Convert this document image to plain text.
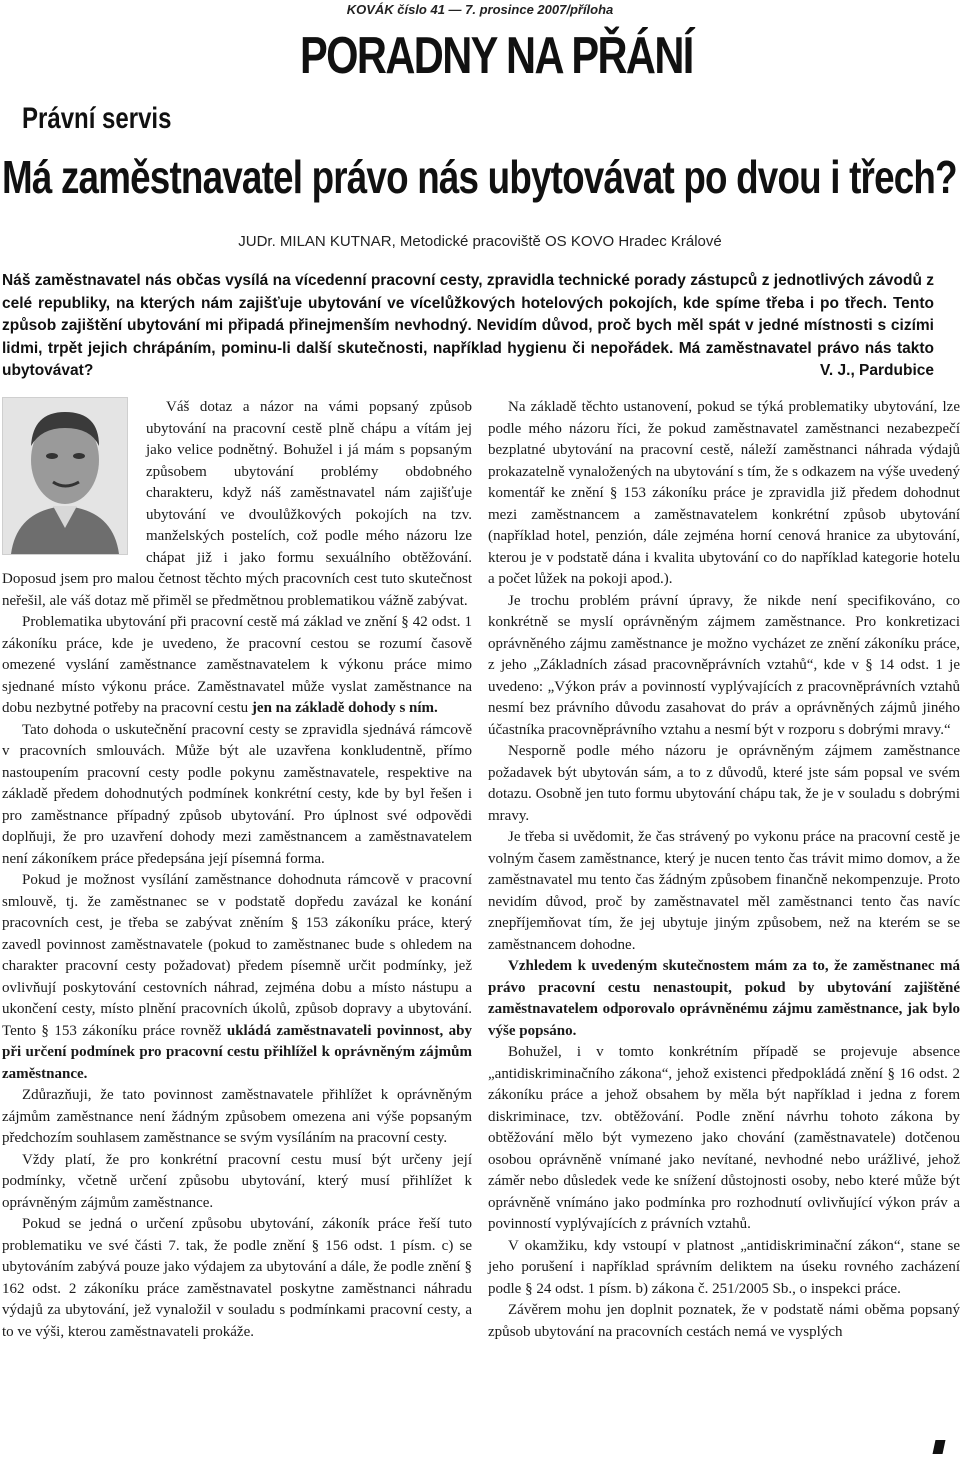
KOVÁK číslo 41 — 7. prosince 2007/příloha
PORADNY NA PŘÁNÍ
Právní servis
Má zaměstnavatel právo nás ubytovávat po dvou i třech?
JUDr. MILAN KUTNAR, Metodické pracoviště OS KOVO Hradec Králové
Náš zaměstnavatel nás občas vysílá na vícedenní pracovní cesty, zpravidla technické porady zástupců z jednotlivých závodů z celé republiky, na kterých nám zajišťuje ubytování ve vícelůžkových hotelových pokojích, kde spíme třeba i po třech. Tento způsob zajištění ubytování mi připadá přinejmenším nevhodný. Nevidím důvod, proč bych měl spát v jedné místnosti s cizími lidmi, trpět jejich chrápáním, pominu-li další skutečnosti, například hygienu či nepořádek. Má zaměstnavatel právo nás takto ubytovávat?	V. J., Pardubice

Váš dotaz a názor na vámi popsaný způsob ubytování na pracovní cestě plně chápu a vítám jej jako velice podnětný. Bohužel i já mám s popsaným způsobem ubytování problémy obdobného charakteru, když náš zaměstnavatel nám zajišťuje ubytování ve dvoulůžkových pokojích na tzv. manželských postelích, což podle mého názoru lze chápat již i jako formu sexuálního obtěžování. Doposud jsem pro malou četnost těchto mých pracovních cest tuto skutečnost neřešil, ale váš dotaz mě přiměl se předmětnou problematikou vážně zabývat.

Problematika ubytování při pracovní cestě má základ ve znění § 42 odst. 1 zákoníku práce, kde je uvedeno, že pracovní cestou se rozumí časově omezené vyslání zaměstnance zaměstnavatelem k výkonu práce mimo sjednané místo výkonu práce. Zaměstnavatel může vyslat zaměstnance na dobu nezbytné potřeby na pracovní cestu jen na základě dohody s ním.

Tato dohoda o uskutečnění pracovní cesty se zpravidla sjednává rámcově v pracovních smlouvách. Může být ale uzavřena konkludentně, přímo nastoupením pracovní cesty podle pokynu zaměstnavatele, respektive na základě předem dohodnutých podmínek konkrétní cesty, kde by byl řešen i pro zaměstnance případný způsob ubytování. Pro úplnost své odpovědi doplňuji, že pro uzavření dohody mezi zaměstnancem a zaměstnavatelem není zákoníkem práce předepsána její písemná forma.

Pokud je možnost vysílání zaměstnance dohodnuta rámcově v pracovní smlouvě, tj. že zaměstnanec se v podstatě dopředu zavázal ke konání pracovních cest, je třeba se zabývat zněním § 153 zákoníku práce, který zavedl povinnost zaměstnavatele (pokud to zaměstnanec bude s ohledem na charakter pracovní cesty požadovat) předem písemně určit podmínky, jež ovlivňují poskytování cestovních náhrad, zejména dobu a místo nástupu a ukončení cesty, místo plnění pracovních úkolů, způsob dopravy a ubytování. Tento § 153 zákoníku práce rovněž ukládá zaměstnavateli povinnost, aby při určení podmínek pro pracovní cestu přihlížel k oprávněným zájmům zaměstnance.

Zdůrazňuji, že tato povinnost zaměstnavatele přihlížet k oprávněným zájmům zaměstnance není žádným způsobem omezena ani výše popsaným předchozím souhlasem zaměstnance se svým vysíláním na pracovní cesty.

Vždy platí, že pro konkrétní pracovní cestu musí být určeny její podmínky, včetně určení způsobu ubytování, který musí přihlížet k oprávněným zájmům zaměstnance.

Pokud se jedná o určení způsobu ubytování, zákoník práce řeší tuto problematiku ve své části 7. tak, že podle znění § 156 odst. 1 písm. c) se ubytováním zabývá pouze jako výdajem za ubytování a dále, že podle znění § 162 odst. 2 zákoníku práce zaměstnavatel poskytne zaměstnanci náhradu výdajů za ubytování, jež vynaložil v souladu s podmínkami pracovní cesty, a to ve výši, kterou zaměstnavateli prokáže.

Na základě těchto ustanovení, pokud se týká problematiky ubytování, lze podle mého názoru říci, že pokud zaměstnavatel zaměstnanci nezabezpečí bezplatné ubytování na pracovní cestě, náleží zaměstnanci náhrada výdajů prokazatelně vynaložených na ubytování s tím, že s odkazem na výše uvedený komentář ke znění § 153 zákoníku práce je zpravidla již předem dohodnut mezi zaměstnancem a zaměstnavatelem konkrétní způsob ubytování (například hotel, penzión, dále zejména horní cenová hranice za ubytování, kterou je v podstatě dána i kvalita ubytování co do například kategorie hotelu a počet lůžek na pokoji apod.).

Je trochu problém právní úpravy, že nikde není specifikováno, co konkrétně se myslí oprávněným zájmem zaměstnance. Pro konkretizaci oprávněného zájmu zaměstnance je možno vycházet ze znění zákoníku práce, z jeho „Základních zásad pracovněprávních vztahů“, kde v § 14 odst. 1 je uvedeno: „Výkon práv a povinností vyplývajících z pracovněprávních vztahů nesmí bez právního důvodu zasahovat do práv a oprávněných zájmů jiného účastníka pracovněprávního vztahu a nesmí být v rozporu s dobrými mravy.“

Nesporně podle mého názoru je oprávněným zájmem zaměstnance požadavek být ubytován sám, a to z důvodů, které jste sám popsal ve svém dotazu. Osobně jen tuto formu ubytování chápu tak, že je v souladu s dobrými mravy.

Je třeba si uvědomit, že čas strávený po vykonu práce na pracovní cestě je volným časem zaměstnance, který je nucen tento čas trávit mimo domov, a že zaměstnavatel mu tento čas žádným způsobem finančně nekompenzuje. Proto nevidím důvod, proč by zaměstnavatel měl zaměstnanci tento čas navíc znepříjemňovat tím, že jej ubytuje jiným způsobem, než na kterém se se zaměstnancem dohodne.

Vzhledem k uvedeným skutečnostem mám za to, že zaměstnanec má právo pracovní cestu nenastoupit, pokud by ubytování zajištěné zaměstnavatelem odporovalo oprávněnému zájmu zaměstnance, jak bylo výše popsáno.

Bohužel, i v tomto konkrétním případě se projevuje absence „antidiskriminačního zákona“, jehož existenci předpokládá znění § 16 odst. 2 zákoníku práce a jehož obsahem by měla být například i jedna z forem diskriminace, tzv. obtěžování. Podle znění návrhu tohoto zákona by obtěžování mělo být vymezeno jako chování (zaměstnavatele) dotčenou osobou oprávněně vnímané jako nevítané, nevhodné nebo urážlivé, jehož záměr nebo důsledek vede ke snížení důstojnosti osoby, nebo které může být oprávněně vnímáno jako podmínka pro rozhodnutí ovlivňující výkon práv a povinností vyplývajících z právních vztahů.

V okamžiku, kdy vstoupí v platnost „antidiskriminační zákon“, stane se jeho porušení i například správním deliktem na úseku rovného zacházení podle § 24 odst. 1 písm. b) zákona č. 251/2005 Sb., o inspekci práce.

Závěrem mohu jen doplnit poznatek, že v podstatě námi oběma popsaný způsob ubytování na pracovních cestách nemá ve vysplých
